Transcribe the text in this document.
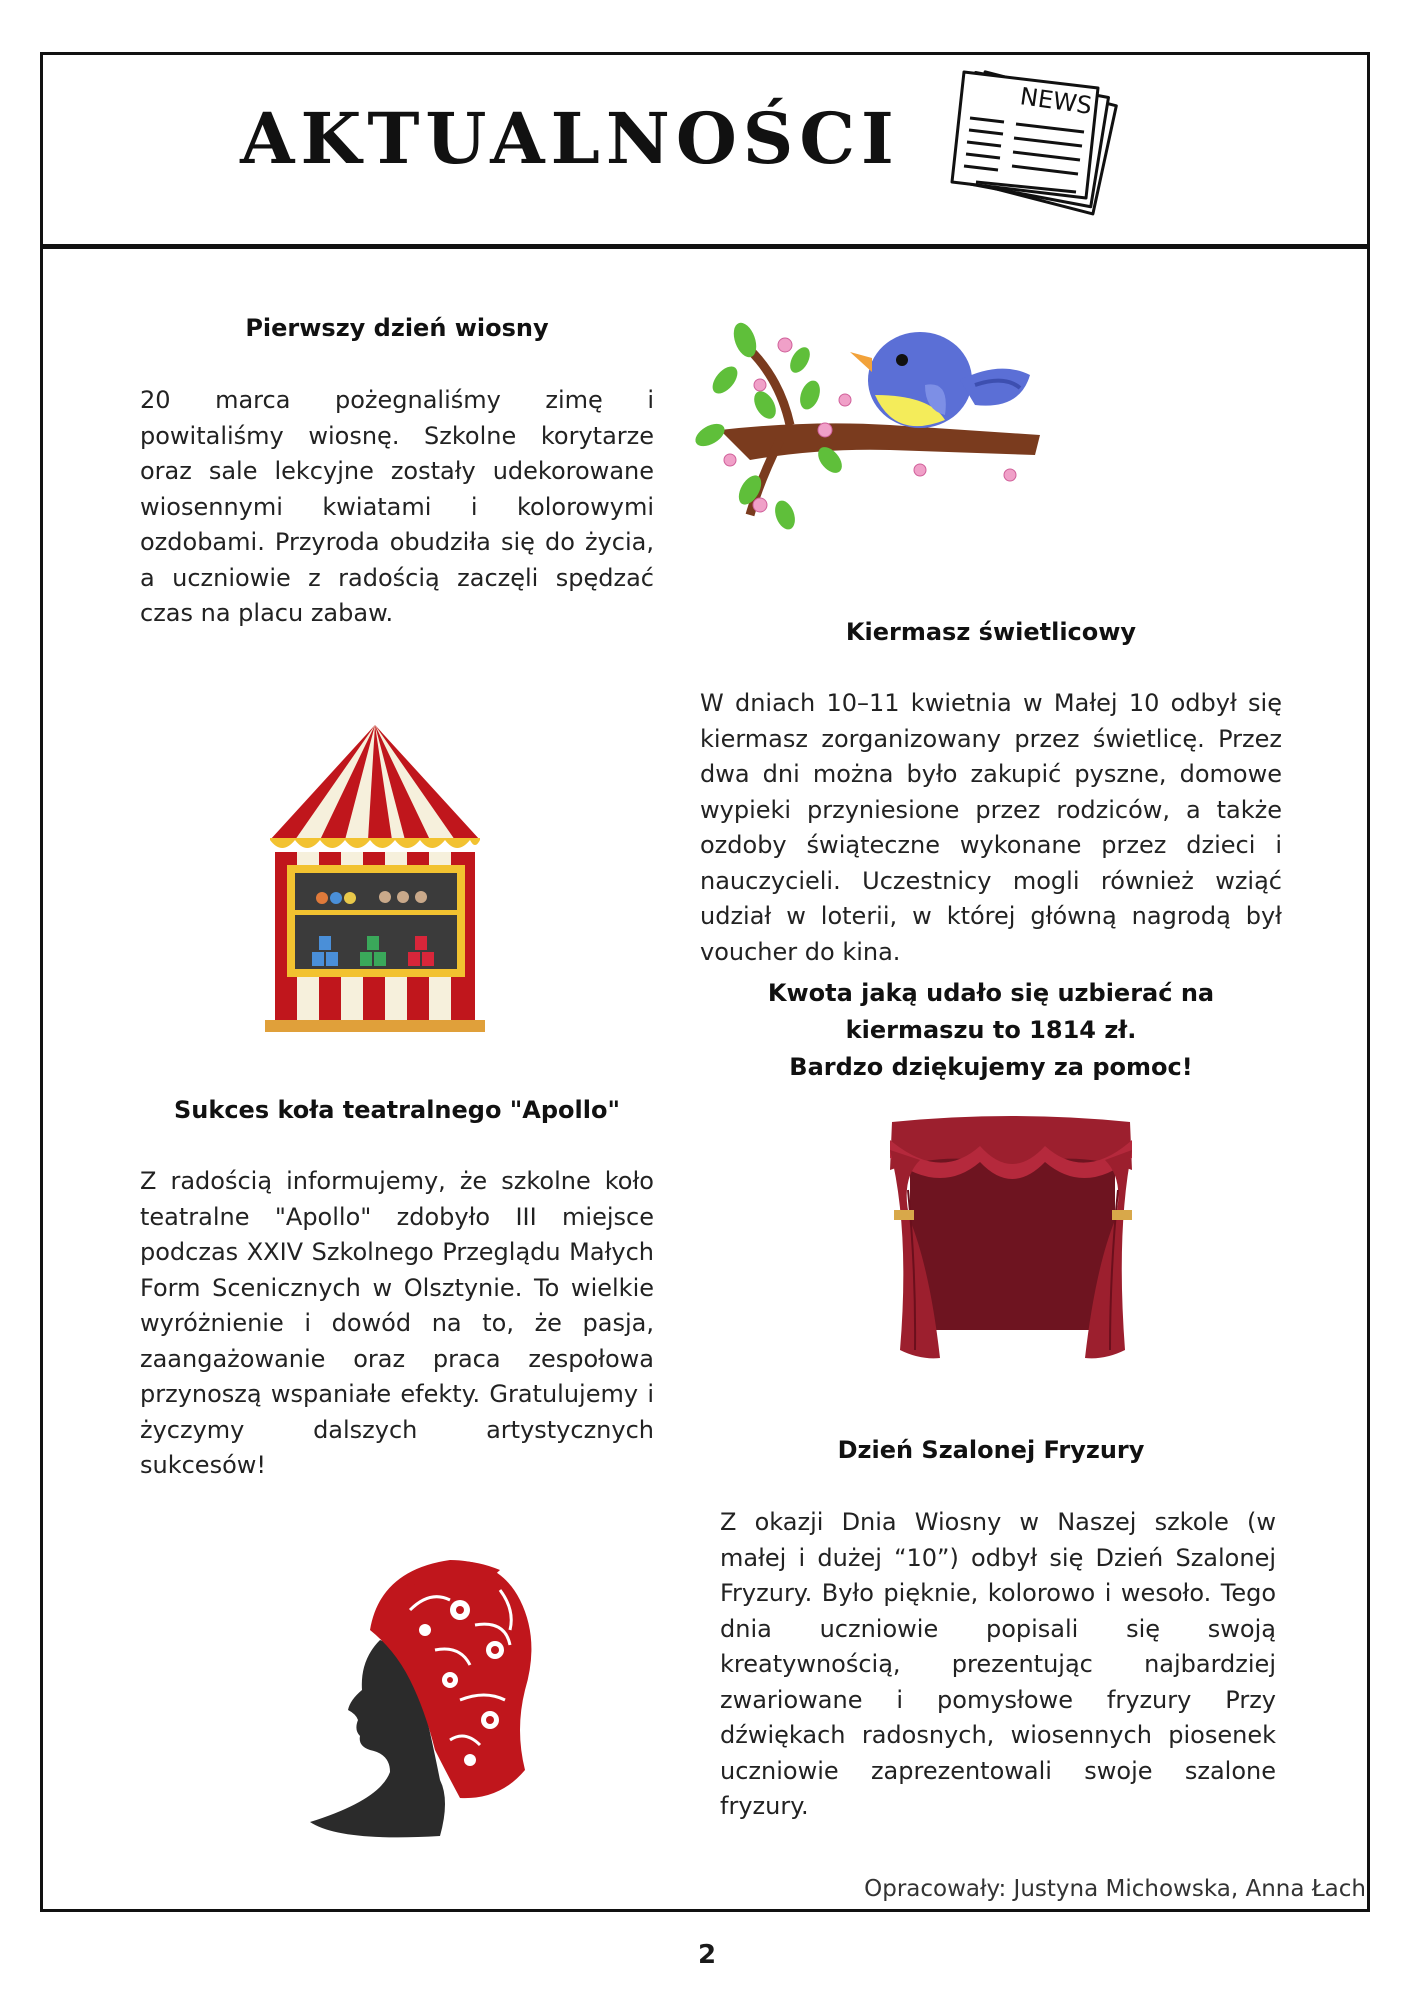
AKTUALNOŚCI	NEWS
Pierwszy dzień wiosny

20 marca pożegnaliśmy zimę i powitaliśmy wiosnę. Szkolne korytarze oraz sale lekcyjne zostały udekorowane wiosennymi kwiatami i kolorowymi ozdobami. Przyroda obudziła się do życia, a uczniowie z radością zaczęli spędzać czas na placu zabaw.

Kiermasz świetlicowy

W dniach 10–11 kwietnia w Małej 10 odbył się kiermasz zorganizowany przez świetlicę. Przez dwa dni można było zakupić pyszne, domowe wypieki przyniesione przez rodziców, a także ozdoby świąteczne wykonane przez dzieci i nauczycieli. Uczestnicy mogli również wziąć udział w loterii, w której główną nagrodą był voucher do kina.

Kwota jaką udało się uzbierać na

kiermaszu to 1814 zł.

Bardzo dziękujemy za pomoc!

Sukces koła teatralnego "Apollo"

Z radością informujemy, że szkolne koło teatralne "Apollo" zdobyło III miejsce podczas XXIV Szkolnego Przeglądu Małych Form Scenicznych w Olsztynie. To wielkie wyróżnienie i dowód na to, że pasja, zaangażowanie oraz praca zespołowa przynoszą wspaniałe efekty. Gratulujemy i życzymy dalszych artystycznych sukcesów!

Dzień Szalonej Fryzury

Z okazji Dnia Wiosny w Naszej szkole (w małej i dużej “10”) odbył się Dzień Szalonej Fryzury. Było pięknie, kolorowo i wesoło. Tego dnia uczniowie popisali się swoją kreatywnością, prezentując najbardziej zwariowane i pomysłowe fryzury Przy dźwiękach radosnych, wiosennych piosenek uczniowie zaprezentowali swoje szalone fryzury.

Opracowały: Justyna Michowska, Anna Łach

2
